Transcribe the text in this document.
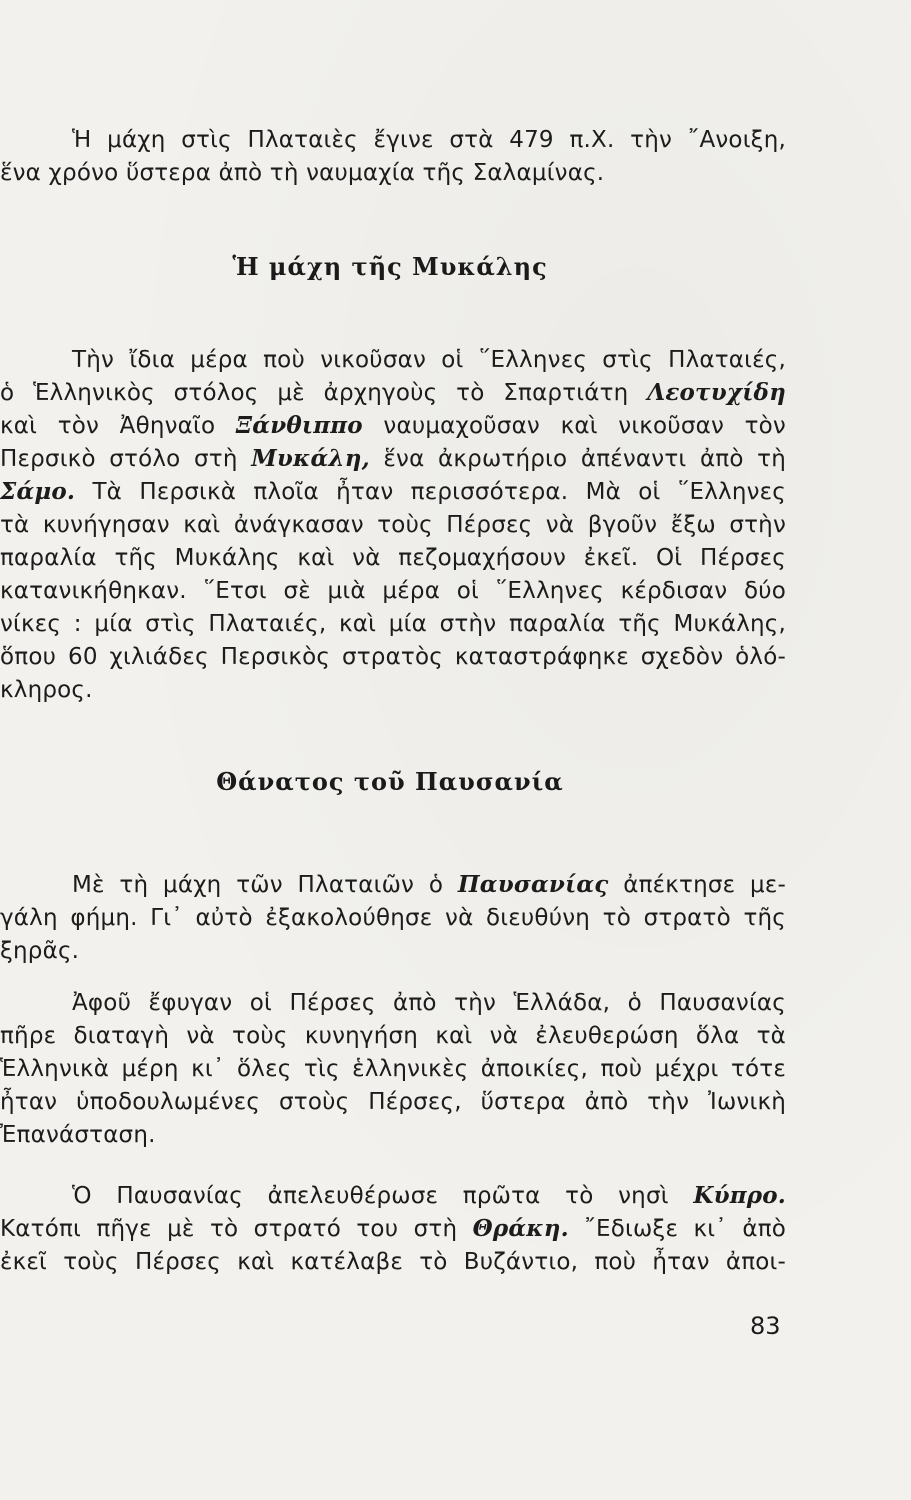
Ἡ μάχη στὶς Πλαταιὲς ἔγινε στὰ 479 π.Χ. τὴν ῎Ανοιξη,
ἕνα χρόνο ὕστερα ἀπὸ τὴ ναυμαχία τῆς Σαλαμίνας.
Ἡ μάχη τῆς Μυκάλης
Τὴν ἴδια μέρα ποὺ νικοῦσαν οἱ ῞Ελληνες στὶς Πλαταιές,
ὁ Ἑλληνικὸς στόλος μὲ ἀρχηγοὺς τὸ Σπαρτιάτη Λεοτυχίδη
καὶ τὸν Ἀθηναῖο Ξάνθιππο ναυμαχοῦσαν καὶ νικοῦσαν τὸν
Περσικὸ στόλο στὴ Μυκάλη, ἕνα ἀκρωτήριο ἀπέναντι ἀπὸ τὴ
Σάμο. Τὰ Περσικὰ πλοῖα ἦταν περισσότερα. Μὰ οἱ ῞Ελληνες
τὰ κυνήγησαν καὶ ἀνάγκασαν τοὺς Πέρσες νὰ βγοῦν ἔξω στὴν
παραλία τῆς Μυκάλης καὶ νὰ πεζομαχήσουν ἐκεῖ. Οἱ Πέρσες
κατανικήθηκαν. ῞Ετσι σὲ μιὰ μέρα οἱ ῞Ελληνες κέρδισαν δύο
νίκες : μία στὶς Πλαταιές, καὶ μία στὴν παραλία τῆς Μυκάλης,
ὅπου 60 χιλιάδες Περσικὸς στρατὸς καταστράφηκε σχεδὸν ὁλό-
κληρος.
Θάνατος τοῦ Παυσανία
Μὲ τὴ μάχη τῶν Πλαταιῶν ὁ Παυσανίας ἀπέκτησε με-
γάλη φήμη. Γι᾿ αὐτὸ ἐξακολούθησε νὰ διευθύνη τὸ στρατὸ τῆς
ξηρᾶς.
Ἀφοῦ ἔφυγαν οἱ Πέρσες ἀπὸ τὴν Ἑλλάδα, ὁ Παυσανίας
πῆρε διαταγὴ νὰ τοὺς κυνηγήση καὶ νὰ ἐλευθερώση ὅλα τὰ
Ἑλληνικὰ μέρη κι᾿ ὅλες τὶς ἑλληνικὲς ἀποικίες, ποὺ μέχρι τότε
ἦταν ὑποδουλωμένες στοὺς Πέρσες, ὕστερα ἀπὸ τὴν Ἰωνικὴ
Ἐπανάσταση.
Ὁ Παυσανίας ἀπελευθέρωσε πρῶτα τὸ νησὶ Κύπρο.
Κατόπι πῆγε μὲ τὸ στρατό του στὴ Θράκη. ῎Εδιωξε κι᾿ ἀπὸ
ἐκεῖ τοὺς Πέρσες καὶ κατέλαβε τὸ Βυζάντιο, ποὺ ἦταν ἀποι-
83
